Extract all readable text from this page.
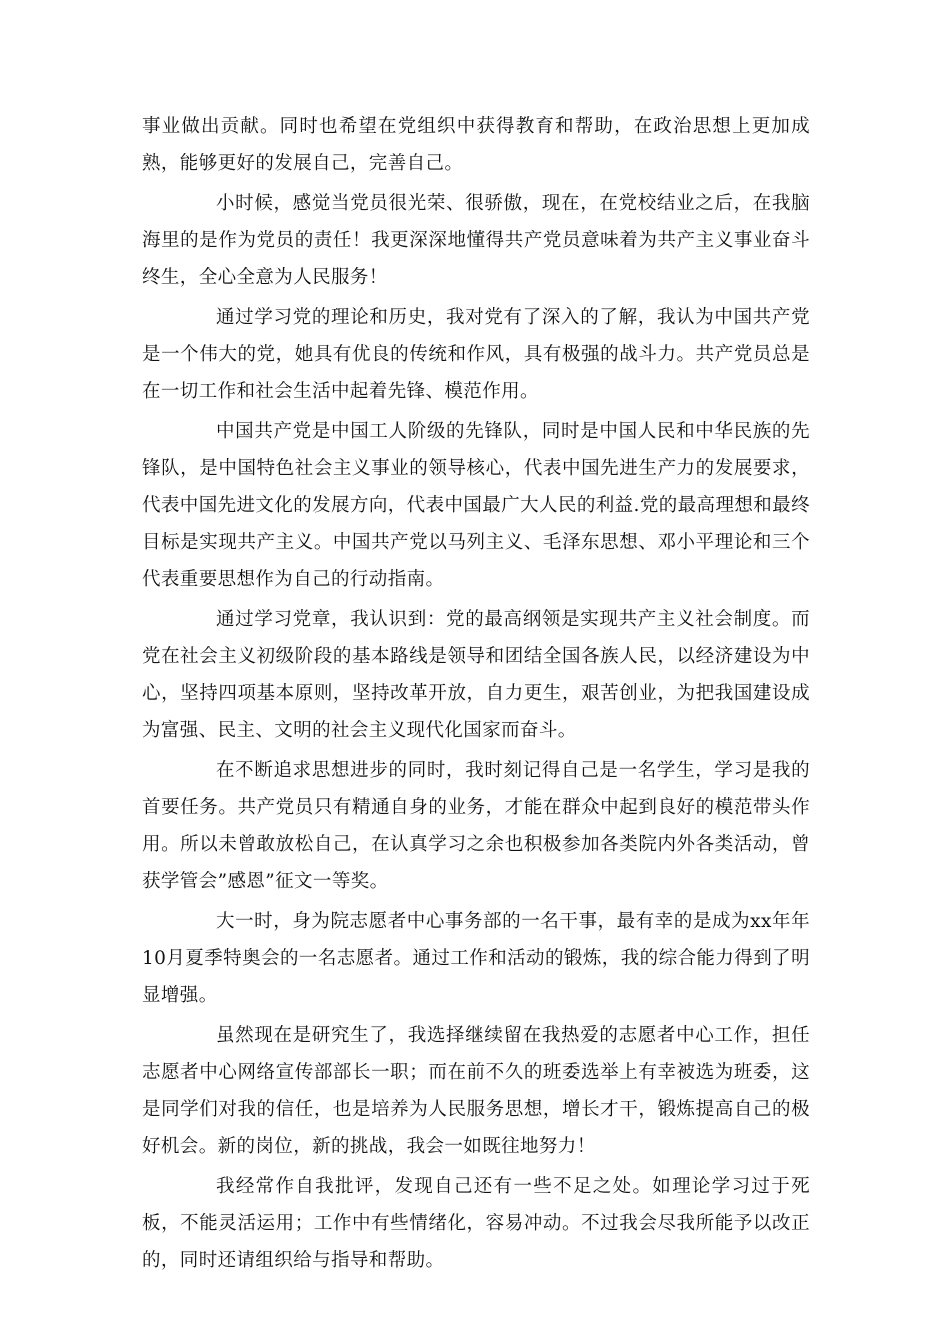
事业做出贡献。同时也希望在党组织中获得教育和帮助，在政治思想上更加成熟，能够更好的发展自己，完善自己。

小时候，感觉当党员很光荣、很骄傲，现在，在党校结业之后，在我脑海里的是作为党员的责任！我更深深地懂得共产党员意味着为共产主义事业奋斗终生，全心全意为人民服务！

通过学习党的理论和历史，我对党有了深入的了解，我认为中国共产党是一个伟大的党，她具有优良的传统和作风，具有极强的战斗力。共产党员总是在一切工作和社会生活中起着先锋、模范作用。

中国共产党是中国工人阶级的先锋队，同时是中国人民和中华民族的先锋队，是中国特色社会主义事业的领导核心，代表中国先进生产力的发展要求，代表中国先进文化的发展方向，代表中国最广大人民的利益.党的最高理想和最终目标是实现共产主义。中国共产党以马列主义、毛泽东思想、邓小平理论和三个代表重要思想作为自己的行动指南。

通过学习党章，我认识到：党的最高纲领是实现共产主义社会制度。而党在社会主义初级阶段的基本路线是领导和团结全国各族人民，以经济建设为中心，坚持四项基本原则，坚持改革开放，自力更生，艰苦创业，为把我国建设成为富强、民主、文明的社会主义现代化国家而奋斗。

在不断追求思想进步的同时，我时刻记得自己是一名学生，学习是我的首要任务。共产党员只有精通自身的业务，才能在群众中起到良好的模范带头作用。所以未曾敢放松自己，在认真学习之余也积极参加各类院内外各类活动，曾获学管会”感恩”征文一等奖。

大一时，身为院志愿者中心事务部的一名干事，最有幸的是成为xx年年10月夏季特奥会的一名志愿者。通过工作和活动的锻炼，我的综合能力得到了明显增强。

虽然现在是研究生了，我选择继续留在我热爱的志愿者中心工作，担任志愿者中心网络宣传部部长一职；而在前不久的班委选举上有幸被选为班委，这是同学们对我的信任，也是培养为人民服务思想，增长才干，锻炼提高自己的极好机会。新的岗位，新的挑战，我会一如既往地努力！

我经常作自我批评，发现自己还有一些不足之处。如理论学习过于死板，不能灵活运用；工作中有些情绪化，容易冲动。不过我会尽我所能予以改正的，同时还请组织给与指导和帮助。
